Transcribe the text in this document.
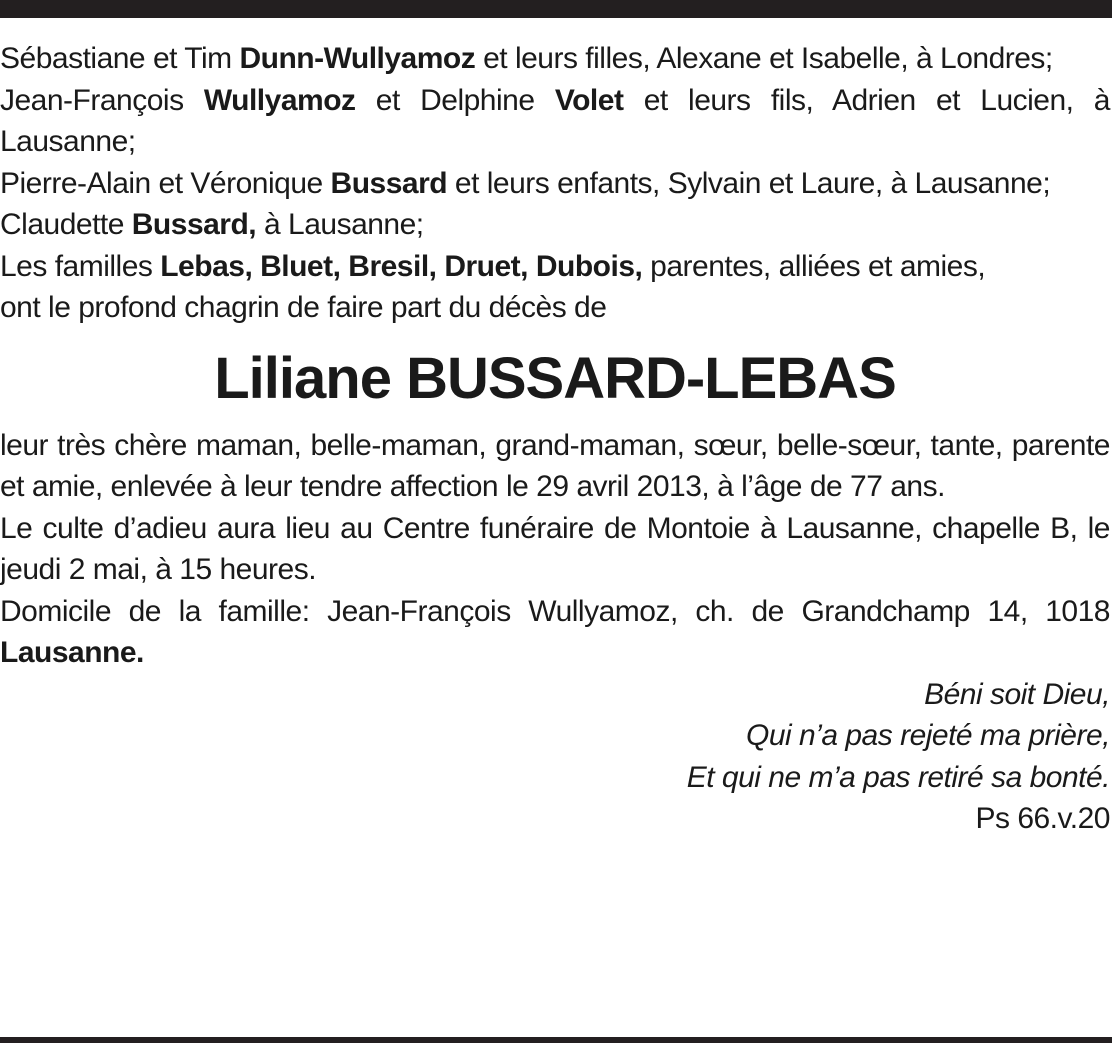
Sébastiane et Tim Dunn-Wullyamoz et leurs filles, Alexane et Isabelle, à Londres;

Jean-François Wullyamoz et Delphine Volet et leurs fils, Adrien et Lucien, à Lausanne;

Pierre-Alain et Véronique Bussard et leurs enfants, Sylvain et Laure, à Lausanne;

Claudette Bussard, à Lausanne;

Les familles Lebas, Bluet, Bresil, Druet, Dubois, parentes, alliées et amies,

ont le profond chagrin de faire part du décès de

Liliane BUSSARD-LEBAS

leur très chère maman, belle-maman, grand-maman, sœur, belle-sœur, tante, parente et amie, enlevée à leur tendre affection le 29 avril 2013, à l’âge de 77 ans.

Le culte d’adieu aura lieu au Centre funéraire de Montoie à Lausanne, chapelle B, le jeudi 2 mai, à 15 heures.

Domicile de la famille: Jean-François Wullyamoz, ch. de Grandchamp 14, 1018 Lausanne.

Béni soit Dieu,
Qui n’a pas rejeté ma prière,
Et qui ne m’a pas retiré sa bonté.
Ps 66.v.20
